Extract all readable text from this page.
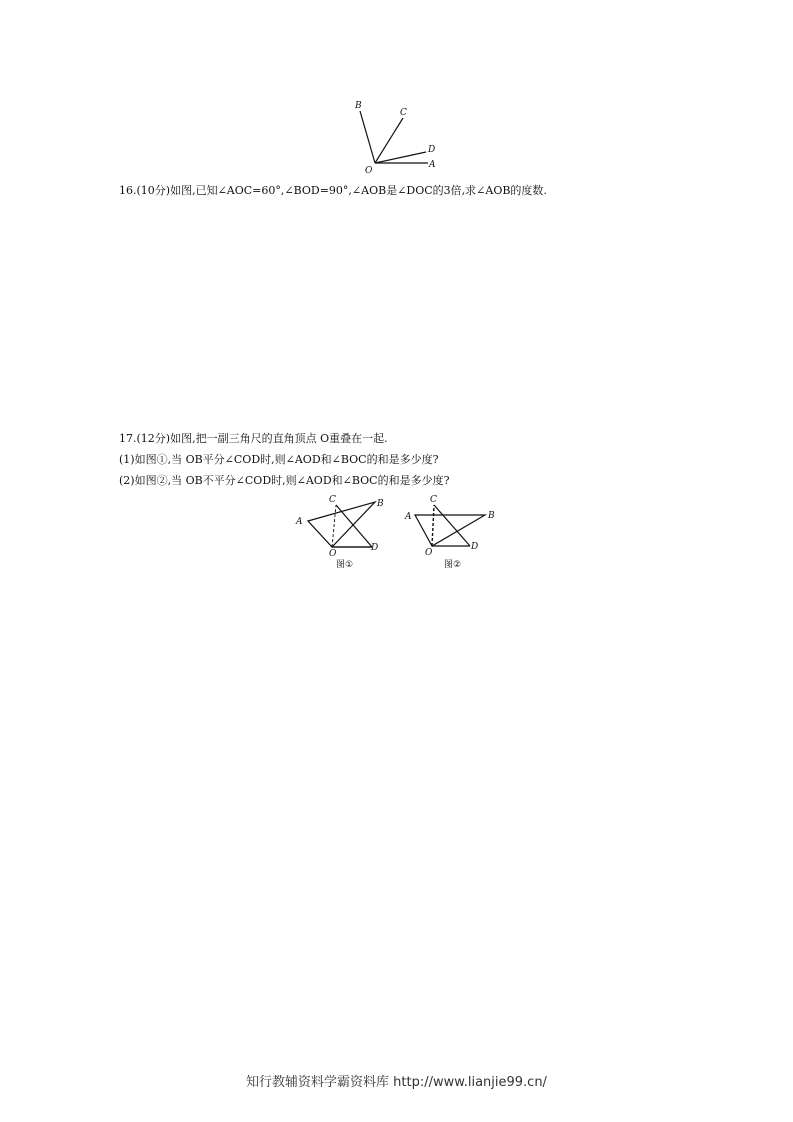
B
C
D
A
O
16.(10分)如图,已知∠AOC=60°,∠BOD=90°,∠AOB是∠DOC的3倍,求∠AOB的度数.
17.(12分)如图,把一副三角尺的直角顶点 O重叠在一起.
(1)如图①,当 OB平分∠COD时,则∠AOD和∠BOC的和是多少度?
(2)如图②,当 OB不平分∠COD时,则∠AOD和∠BOC的和是多少度?
C	B
A
O
D
图①
C
B
A
O
D
图②
知行教辅资料学霸资料库 http://www.lianjie99.cn/
